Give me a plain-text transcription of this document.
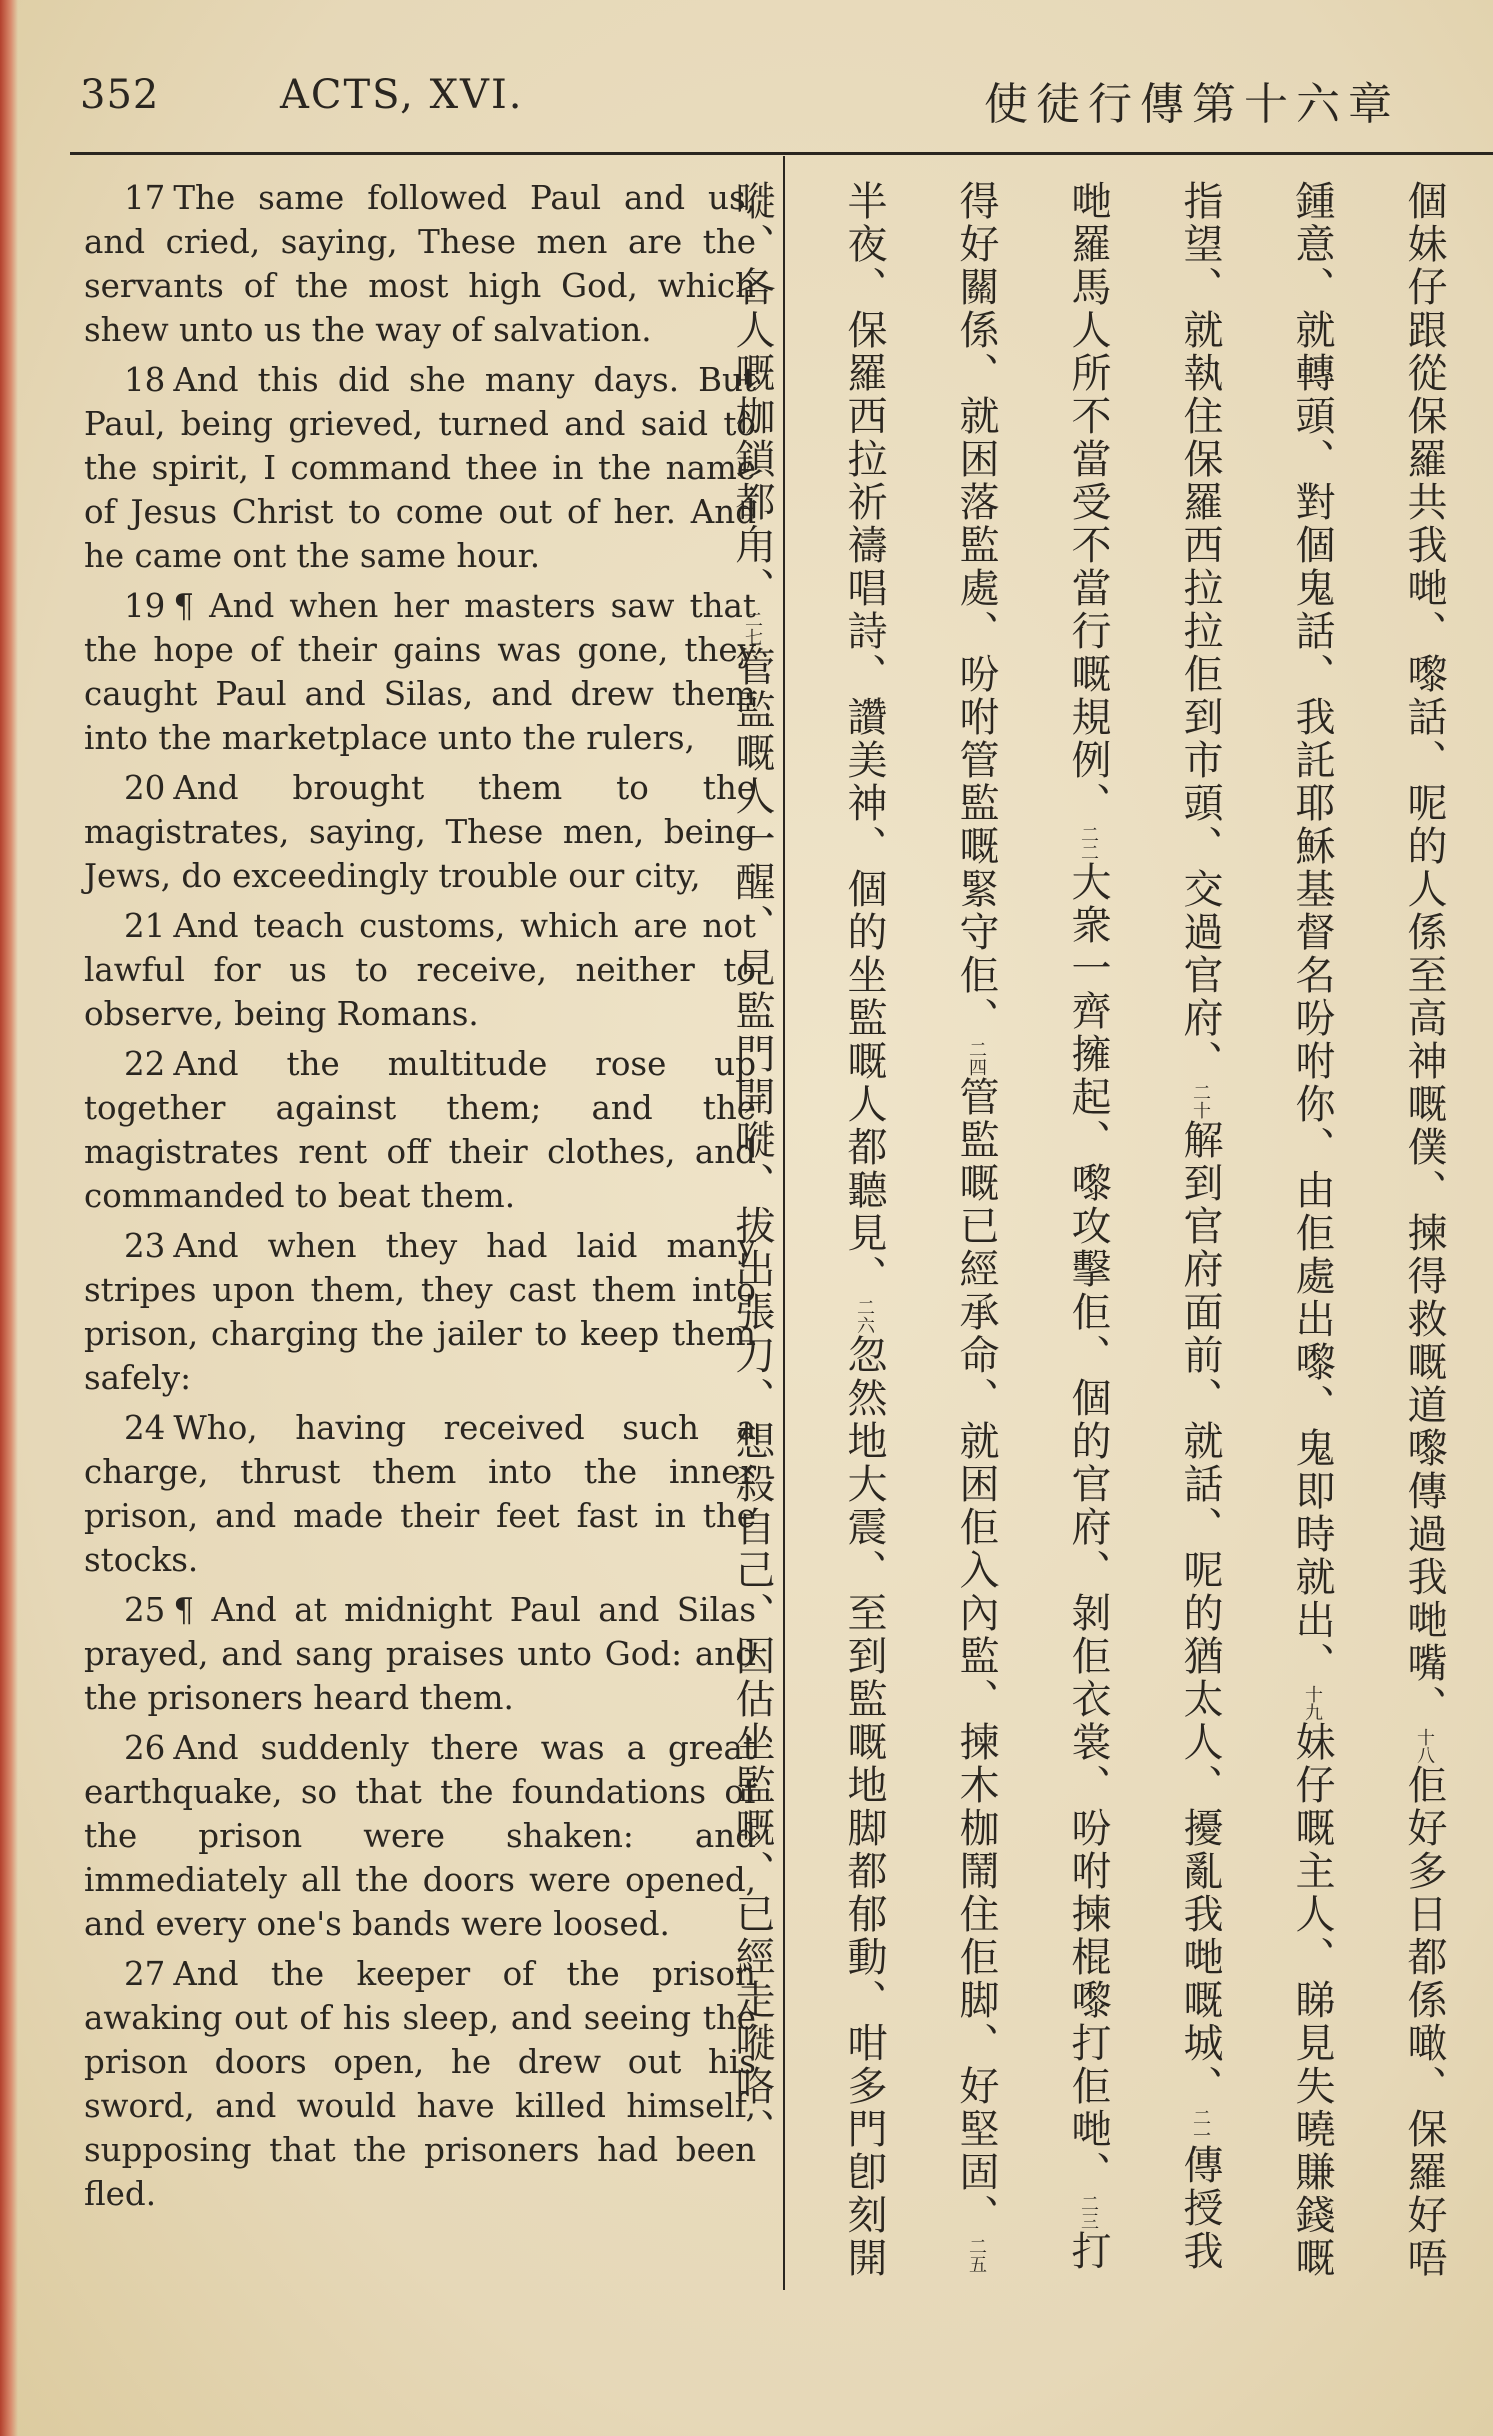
352	ACTS, XVI.	使徒行傳第十六章

17 The same followed Paul and us, and cried, saying, These men are the servants of the most high God, which shew unto us the way of salvation.

18 And this did she many days. But Paul, being grieved, turned and said to the spirit, I command thee in the name of Jesus Christ to come out of her. And he came ont the same hour.

19 ¶ And when her masters saw that the hope of their gains was gone, they caught Paul and Silas, and drew them into the marketplace unto the rulers,

20 And brought them to the magistrates, saying, These men, being Jews, do exceedingly trouble our city,

21 And teach customs, which are not lawful for us to receive, neither to observe, being Romans.

22 And the multitude rose up together against them; and the magistrates rent off their clothes, and commanded to beat them.

23 And when they had laid many stripes upon them, they cast them into prison, charging the jailer to keep them safely:

24 Who, having received such a charge, thrust them into the inner prison, and made their feet fast in the stocks.

25 ¶ And at midnight Paul and Silas prayed, and sang praises unto God: and the prisoners heard them.

26 And suddenly there was a great earthquake, so that the foundations of the prison were shaken: and immediately all the doors were opened, and every one's bands were loosed.

27 And the keeper of the prison awaking out of his sleep, and seeing the prison doors open, he drew out his sword, and would have killed himself, supposing that the prisoners had been fled.

個妹仔跟從保羅共我哋、嚟話、呢的人係至高神嘅僕、揀得救嘅道嚟傳過我哋嘴、

十八佢好多日都係噉、保羅好唔鍾意、就轉頭、對個鬼話、我託耶穌基督名吩咐你、由佢處出嚟、鬼即時就出、

十九妹仔嘅主人、睇見失曉賺錢嘅指望、就執住保羅西拉拉佢到市頭、交過官府、

二十解到官府面前、就話、呢的猶太人、擾亂我哋嘅城、

二一傳授我哋羅馬人所不當受不當行嘅規例、

二二大衆一齊擁起、嚟攻擊佢、個的官府、剝佢衣裳、吩咐揀棍嚟打佢哋、

二三打得好關係、就困落監處、吩咐管監嘅緊守佢、

二四管監嘅已經承命、就困佢入內監、揀木枷鬧住佢脚、好堅固、

二五半夜、保羅西拉祈禱唱詩、讚美神、個的坐監嘅人都聽見、

二六忽然地大震、至到監嘅地脚都郁動、咁多門卽刻開嘥、各人嘅枷鎖都甪、

二七管監嘅人一醒、見監門開嘥、拔出張刀、想殺自己、因估坐監嘅、已經走嘥咯、
